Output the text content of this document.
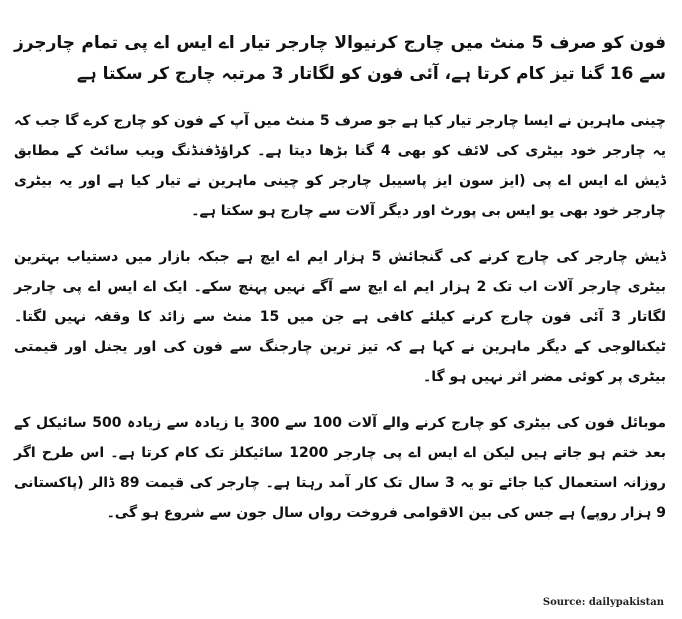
فون کو صرف 5 منٹ میں چارج کرنیوالا چارجر تیار اے ایس اے پی تمام چارجرز سے 16 گنا تیز کام کرتا ہے، آئی فون کو لگاتار 3 مرتبہ چارج کر سکتا ہے
چینی ماہرین نے ایسا چارجر تیار کیا ہے جو صرف 5 منٹ میں آپ کے فون کو چارج کرے گا جب کہ یہ چارجر خود بیٹری کی لائف کو بھی 4 گنا بڑھا دیتا ہے۔ کراؤڈفنڈنگ ویب سائٹ کے مطابق ڈیش اے ایس اے پی (ایز سون ایز پاسیبل چارجر کو چینی ماہرین نے تیار کیا ہے اور یہ بیٹری چارجر خود بھی یو ایس بی پورٹ اور دیگر آلات سے چارج ہو سکتا ہے۔
ڈیش چارجر کی چارج کرنے کی گنجائش 5 ہزار ایم اے ایچ ہے جبکہ بازار میں دستیاب بہترین بیٹری چارجر آلات اب تک 2 ہزار ایم اے ایچ سے آگے نہیں پہنچ سکے۔ ایک اے ایس اے پی چارجر لگاتار 3 آئی فون چارج کرنے کیلئے کافی ہے جن میں 15 منٹ سے زائد کا وقفہ نہیں لگتا۔ ٹیکنالوجی کے دیگر ماہرین نے کہا ہے کہ تیز ترین چارجنگ سے فون کی اور یجنل اور قیمتی بیٹری پر کوئی مضر اثر نہیں ہو گا۔
موبائل فون کی بیٹری کو چارج کرنے والے آلات 100 سے 300 یا زیادہ سے زیادہ 500 سائیکل کے بعد ختم ہو جاتے ہیں لیکن اے ایس اے پی چارجر 1200 سائیکلز تک کام کرتا ہے۔ اس طرح اگر روزانہ استعمال کیا جائے تو یہ 3 سال تک کار آمد رہتا ہے۔ چارجر کی قیمت 89 ڈالر (پاکستانی 9 ہزار روپے) ہے جس کی بین الاقوامی فروخت رواں سال جون سے شروع ہو گی۔
Source: dailypakistan
